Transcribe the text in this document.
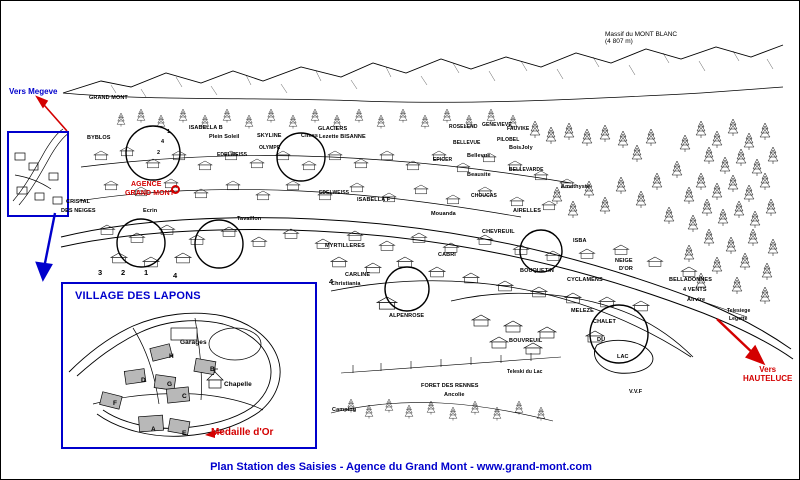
Vers Megeve
Massif du MONT BLANC
(4 807 m)
Vers
HAUTELUCE
AGENCE
GRAND MONT
GRAND MONT
BYBLOS
ISABELLA B
Plein Soleil	SKYLINE	Cimes
GLACIERS
Lezette BISANNE
ROSELEND GENEVIEVE
FAUVIKE
PILOBEL
BoisJoly
BELLEVUE
Bellevue
EPICER
OLYMPE
EDELWEISS
Beausite
BELLEVARDE
Amethyste
CHOUCAS
ISABELLA F
EDELWEISS
Mouanda
Tavaillon
AIRELLES
Ecrin
CRISTAL
DES NEIGES
MYRTILLERES
CABRI
CHEVREUIL
ISBA
NEIGE
D'OR
BOUQUETIN
CYCLAMENS	BELLADONNES
4 VENTS
Airvire
CARLINE
Christiania
ALPENROSE
MELEZE
CHALET
DU
LAC
BOUVREUIL
Telesiege
Legette
Teleski du Lac
FORET DES RENNES
Ancolie
Camping
V.V.F
3 2 1	4
4
1
4
2
VILLAGE DES LAPONS
Medaille d'Or
Garages
Chapelle
H
B
D
G
C
F
A
E
Plan Station des Saisies - Agence du Grand Mont - www.grand-mont.com
